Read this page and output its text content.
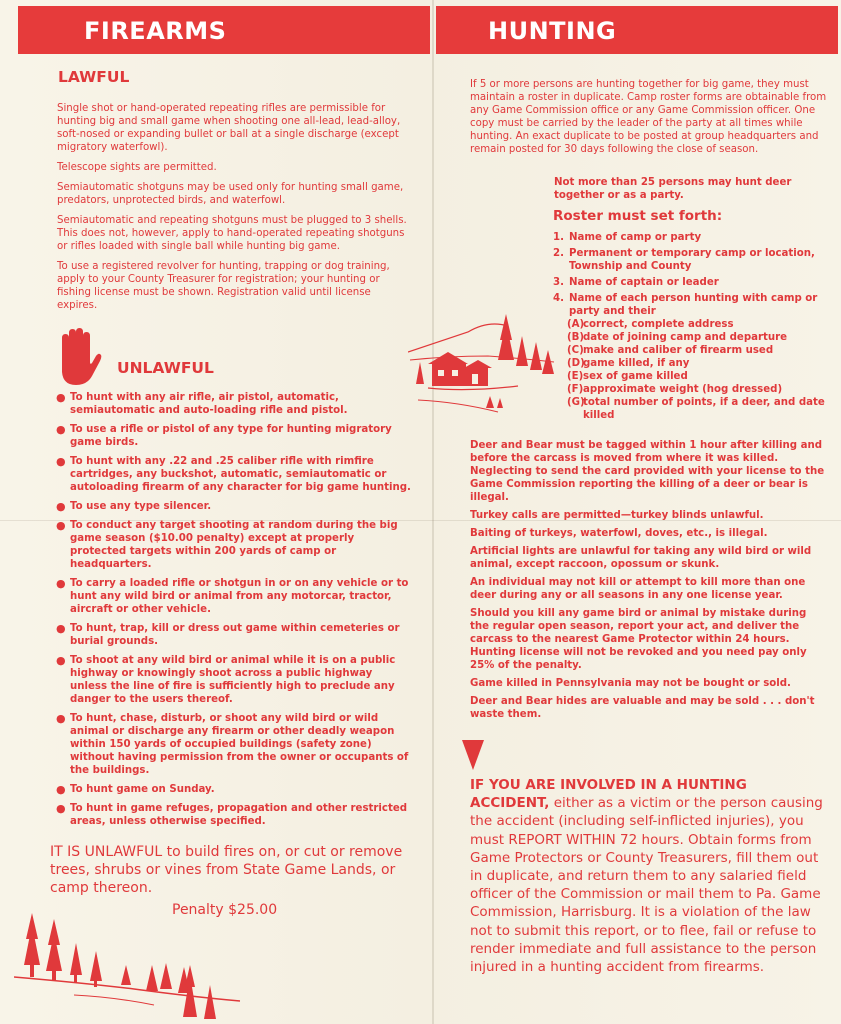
FIREARMS
LAWFUL

Single shot or hand-operated repeating rifles are permissible for hunting big and small game when shooting one all-lead, lead-alloy, soft-nosed or expanding bullet or ball at a single discharge (except migratory waterfowl).

Telescope sights are permitted.

Semiautomatic shotguns may be used only for hunting small game, predators, unprotected birds, and waterfowl.

Semiautomatic and repeating shotguns must be plugged to 3 shells. This does not, however, apply to hand-operated repeating shotguns or rifles loaded with single ball while hunting big game.

To use a registered revolver for hunting, trapping or dog training, apply to your County Treasurer for registration; your hunting or fishing license must be shown. Registration valid until license expires.

UNLAWFUL
● To hunt with any air rifle, air pistol, automatic, semiautomatic and auto-loading rifle and pistol.
● To use a rifle or pistol of any type for hunting migratory game birds.
● To hunt with any .22 and .25 caliber rifle with rimfire cartridges, any buckshot, automatic, semiautomatic or autoloading firearm of any character for big game hunting.
● To use any type silencer.
● To conduct any target shooting at random during the big game season ($10.00 penalty) except at properly protected targets within 200 yards of camp or headquarters.
● To carry a loaded rifle or shotgun in or on any vehicle or to hunt any wild bird or animal from any motorcar, tractor, aircraft or other vehicle.
● To hunt, trap, kill or dress out game within cemeteries or burial grounds.
● To shoot at any wild bird or animal while it is on a public highway or knowingly shoot across a public highway unless the line of fire is sufficiently high to preclude any danger to the users thereof.
● To hunt, chase, disturb, or shoot any wild bird or wild animal or discharge any firearm or other deadly weapon within 150 yards of occupied buildings (safety zone) without having permission from the owner or occupants of the buildings.
● To hunt game on Sunday.
● To hunt in game refuges, propagation and other restricted areas, unless otherwise specified.
IT IS UNLAWFUL to build fires on, or cut or remove trees, shrubs or vines from State Game Lands, or camp thereon.
Penalty $25.00
HUNTING
If 5 or more persons are hunting together for big game, they must maintain a roster in duplicate. Camp roster forms are obtainable from any Game Commission office or any Game Commission officer. One copy must be carried by the leader of the party at all times while hunting. An exact duplicate to be posted at group headquarters and remain posted for 30 days following the close of season.
Not more than 25 persons may hunt deer together or as a party.
Roster must set forth:
1. Name of camp or party
2. Permanent or temporary camp or location, Township and County
3. Name of captain or leader
4. Name of each person hunting with camp or party and their
(A)
correct, complete address
(B)
date of joining camp and departure
(C) make and caliber of firearm used
(D)
game killed, if any
(E) sex of game killed
(F) approximate weight (hog dressed)
(G)
total number of points, if a deer, and date killed

Deer and Bear must be tagged within 1 hour after killing and before the carcass is moved from where it was killed. Neglecting to send the card provided with your license to the Game Commission reporting the killing of a deer or bear is illegal.

Turkey calls are permitted—turkey blinds unlawful.

Baiting of turkeys, waterfowl, doves, etc., is illegal.

Artificial lights are unlawful for taking any wild bird or wild animal, except raccoon, opossum or skunk.

An individual may not kill or attempt to kill more than one deer during any or all seasons in any one license year.

Should you kill any game bird or animal by mistake during the regular open season, report your act, and deliver the carcass to the nearest Game Protector within 24 hours. Hunting license will not be revoked and you need pay only 25% of the penalty.

Game killed in Pennsylvania may not be bought or sold.

Deer and Bear hides are valuable and may be sold . . . don't waste them.

IF YOU ARE INVOLVED IN A HUNTING ACCIDENT, either as a victim or the person causing the accident (including self-inflicted injuries), you must REPORT WITHIN 72 hours. Obtain forms from Game Protectors or County Treasurers, fill them out in duplicate, and return them to any salaried field officer of the Commission or mail them to Pa. Game Commission, Harrisburg. It is a violation of the law not to submit this report, or to flee, fail or refuse to render immediate and full assistance to the person injured in a hunting accident from firearms.
